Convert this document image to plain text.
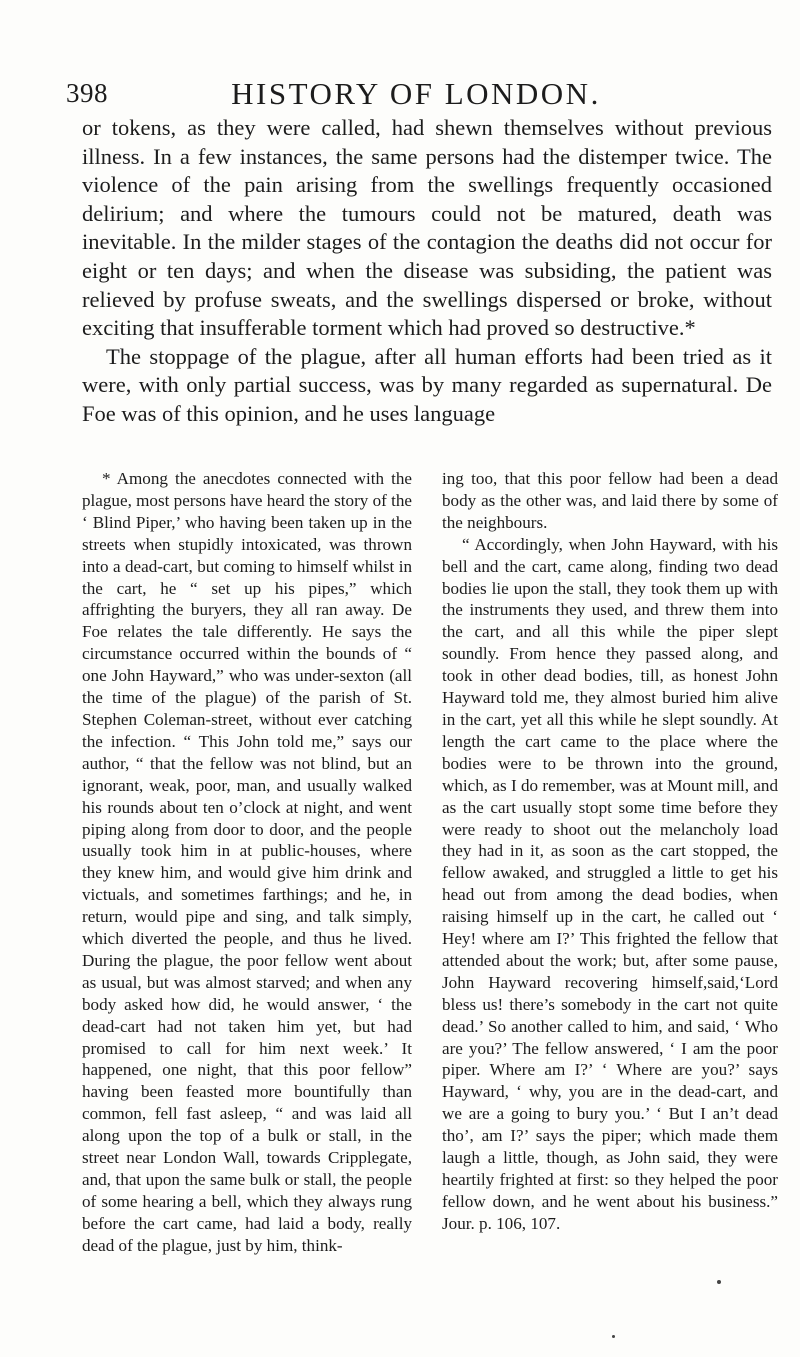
398	HISTORY OF LONDON.

or tokens, as they were called, had shewn themselves without previous illness. In a few instances, the same persons had the distemper twice. The violence of the pain arising from the swellings frequently occasioned delirium; and where the tumours could not be matured, death was inevitable. In the milder stages of the contagion the deaths did not occur for eight or ten days; and when the disease was subsiding, the patient was relieved by profuse sweats, and the swellings dispersed or broke, without exciting that insufferable torment which had proved so destructive.*

The stoppage of the plague, after all human efforts had been tried as it were, with only partial success, was by many regarded as supernatural. De Foe was of this opinion, and he uses language

* Among the anecdotes connected with the plague, most persons have heard the story of the ‘ Blind Piper,’ who having been taken up in the streets when stupidly intoxicated, was thrown into a dead-cart, but coming to himself whilst in the cart, he “ set up his pipes,” which affrighting the buryers, they all ran away. De Foe relates the tale differently. He says the circumstance occurred within the bounds of “ one John Hayward,” who was under-sexton (all the time of the plague) of the parish of St. Stephen Coleman-street, without ever catching the infection. “ This John told me,” says our author, “ that the fellow was not blind, but an ignorant, weak, poor, man, and usually walked his rounds about ten o’clock at night, and went piping along from door to door, and the people usually took him in at public-houses, where they knew him, and would give him drink and victuals, and sometimes farthings; and he, in return, would pipe and sing, and talk simply, which diverted the people, and thus he lived. During the plague, the poor fellow went about as usual, but was almost starved; and when any body asked how did, he would answer, ‘ the dead-cart had not taken him yet, but had promised to call for him next week.’ It happened, one night, that this poor fellow” having been feasted more bountifully than common, fell fast asleep, “ and was laid all along upon the top of a bulk or stall, in the street near London Wall, towards Cripplegate, and, that upon the same bulk or stall, the people of some hearing a bell, which they always rung before the cart came, had laid a body, really dead of the plague, just by him, think-

ing too, that this poor fellow had been a dead body as the other was, and laid there by some of the neighbours.

“ Accordingly, when John Hayward, with his bell and the cart, came along, finding two dead bodies lie upon the stall, they took them up with the instruments they used, and threw them into the cart, and all this while the piper slept soundly. From hence they passed along, and took in other dead bodies, till, as honest John Hayward told me, they almost buried him alive in the cart, yet all this while he slept soundly. At length the cart came to the place where the bodies were to be thrown into the ground, which, as I do remember, was at Mount mill, and as the cart usually stopt some time before they were ready to shoot out the melancholy load they had in it, as soon as the cart stopped, the fellow awaked, and struggled a little to get his head out from among the dead bodies, when raising himself up in the cart, he called out ‘ Hey! where am I?’ This frighted the fellow that attended about the work; but, after some pause, John Hayward recovering himself,said,‘Lord bless us! there’s somebody in the cart not quite dead.’ So another called to him, and said, ‘ Who are you?’ The fellow answered, ‘ I am the poor piper. Where am I?’ ‘ Where are you?’ says Hayward, ‘ why, you are in the dead-cart, and we are a going to bury you.’ ‘ But I an’t dead tho’, am I?’ says the piper; which made them laugh a little, though, as John said, they were heartily frighted at first: so they helped the poor fellow down, and he went about his business.” Jour. p. 106, 107.
